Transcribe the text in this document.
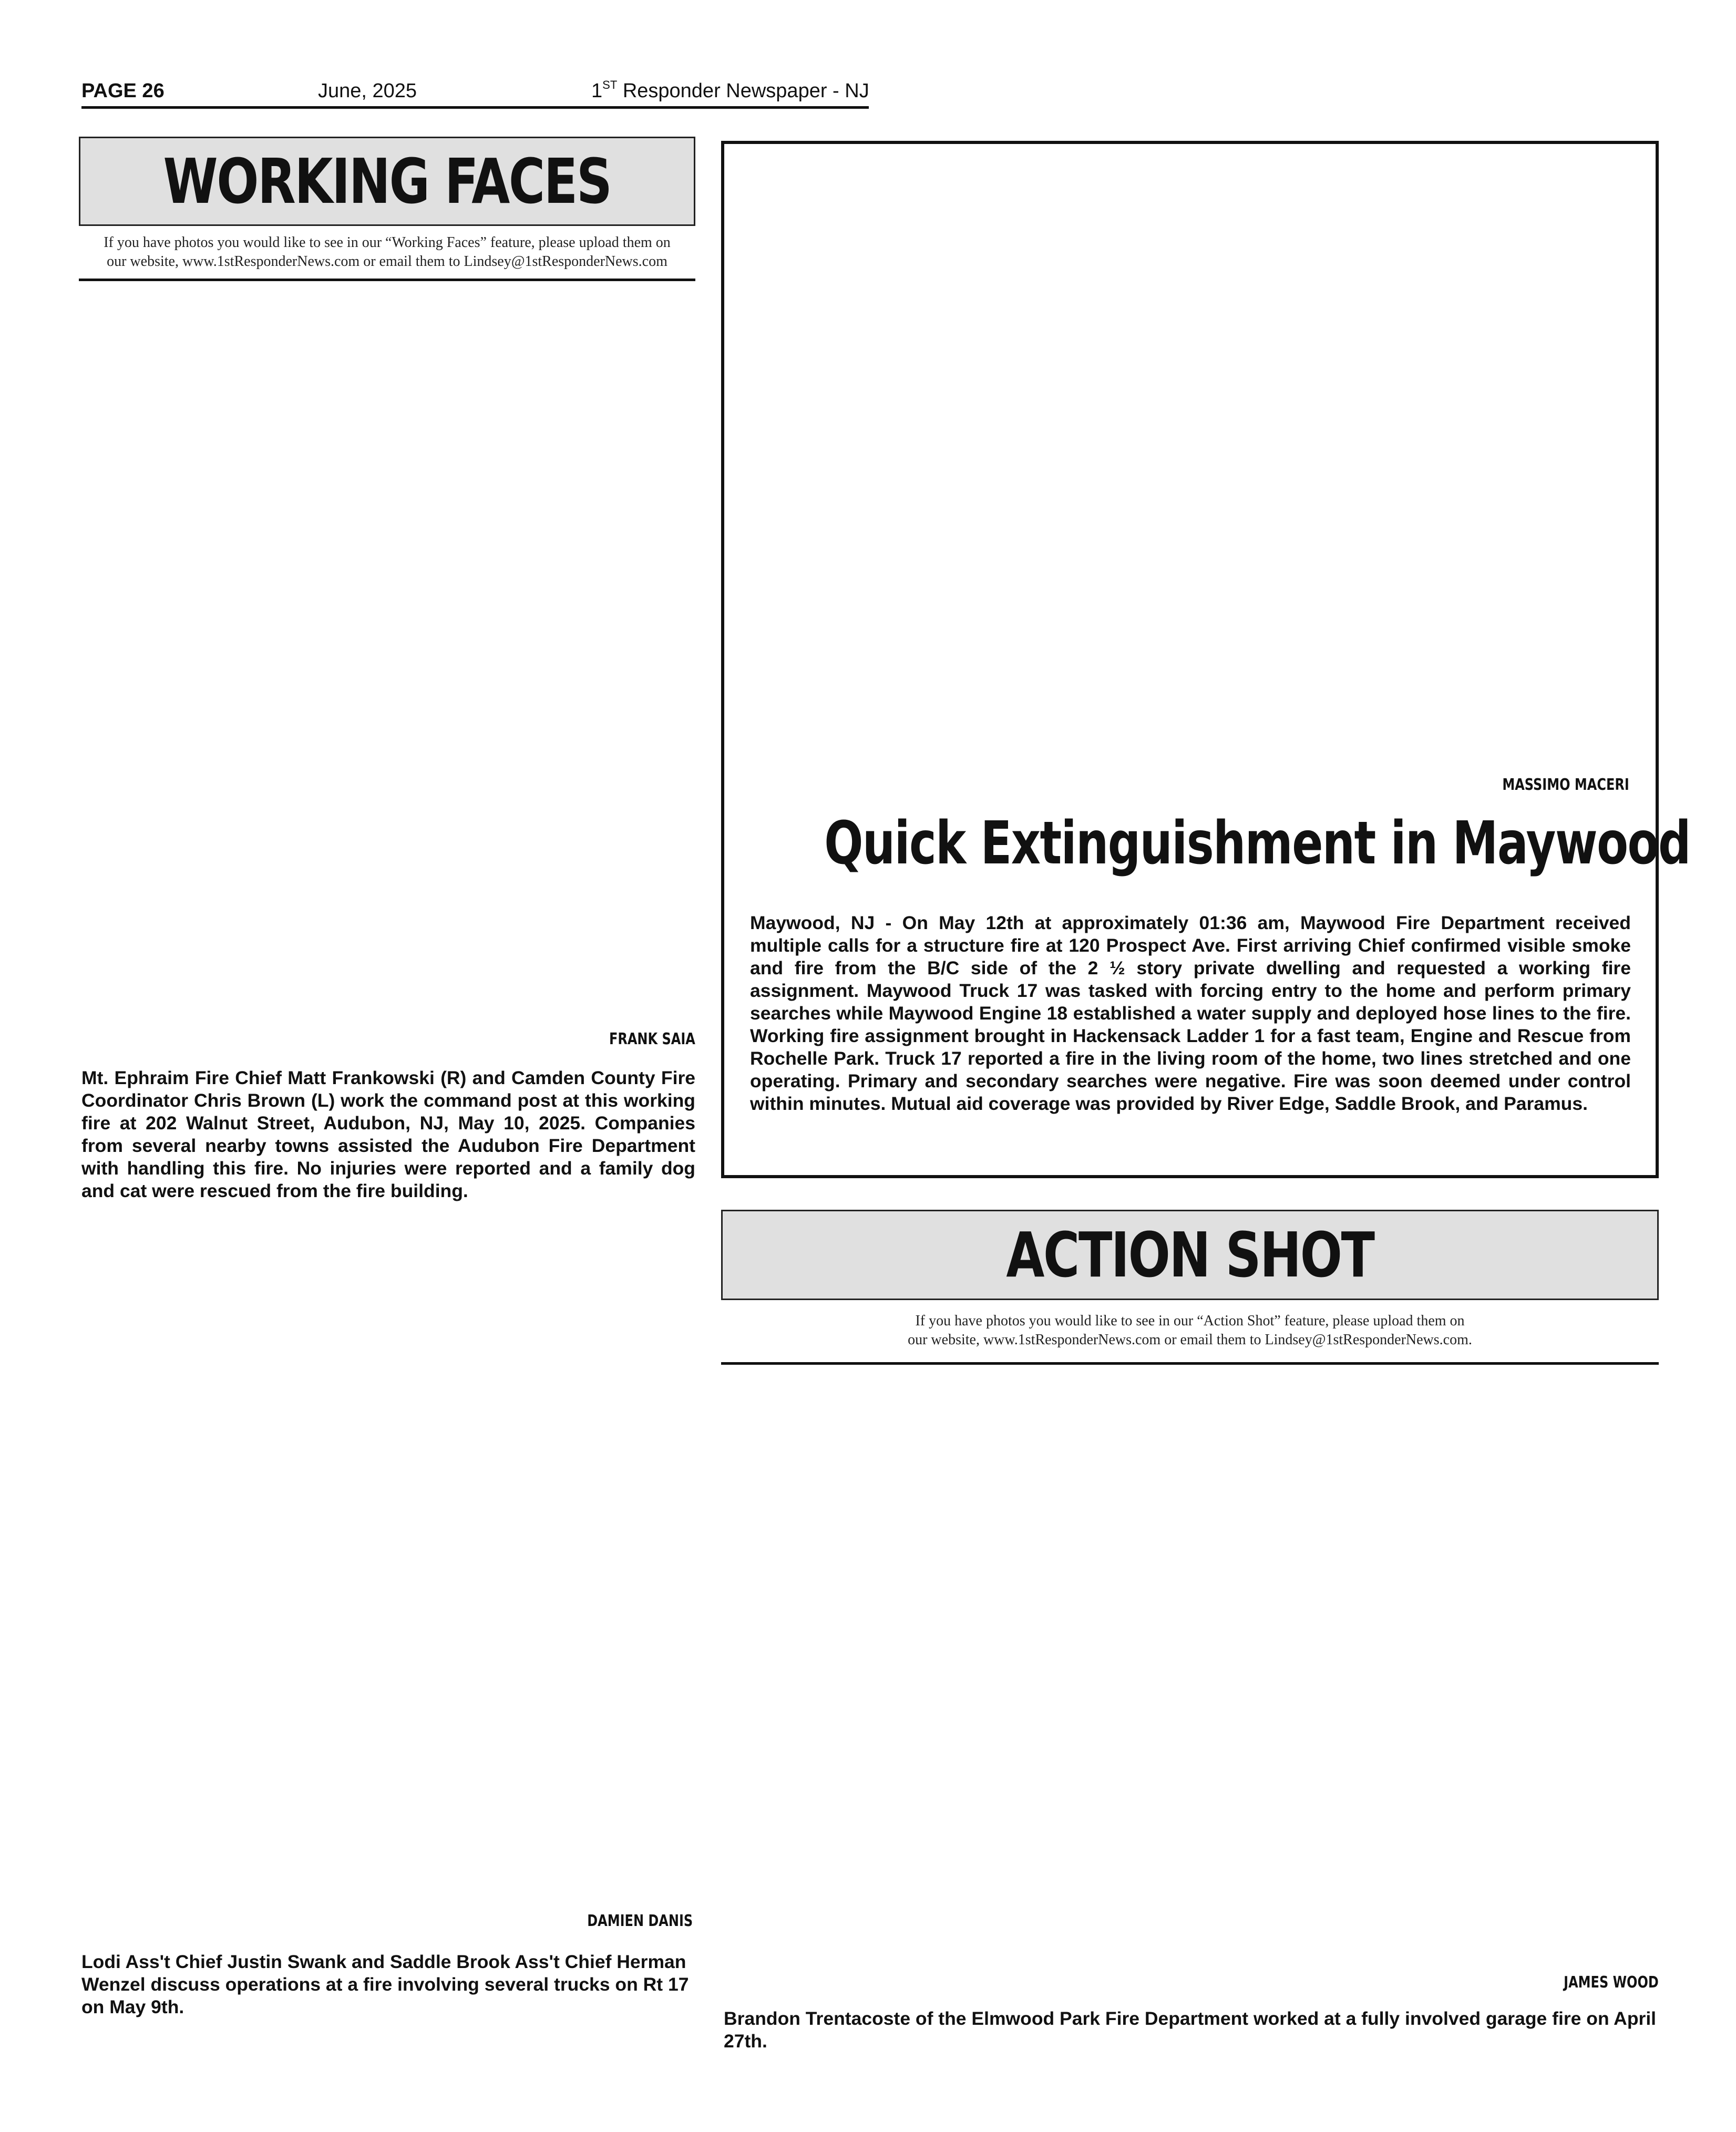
PAGE 26	June, 2025	1ST Responder Newspaper - NJ
WORKING FACES
If you have photos you would like to see in our “Working Faces” feature, please upload them on
our website, www.1stResponderNews.com or email them to Lindsey@1stResponderNews.com
FRANK SAIA
Mt. Ephraim Fire Chief Matt Frankowski (R) and Camden County Fire Coordinator Chris Brown (L) work the command post at this working fire at 202 Walnut Street, Audubon, NJ, May 10, 2025. Companies from several nearby towns assisted the Audubon Fire Department with handling this fire. No injuries were reported and a family dog and cat were rescued from the fire building.
DAMIEN DANIS
Lodi Ass't Chief Justin Swank and Saddle Brook Ass't Chief Herman Wenzel discuss operations at a fire involving several trucks on Rt 17 on May 9th.
MASSIMO MACERI
Quick Extinguishment in Maywood
Maywood, NJ - On May 12th at approximately 01:36 am, Maywood Fire Department received multiple calls for a structure fire at 120 Prospect Ave. First arriving Chief confirmed visible smoke and fire from the B/C side of the 2 ½ story private dwelling and requested a working fire assignment. Maywood Truck 17 was tasked with forcing entry to the home and perform primary searches while Maywood Engine 18 established a water supply and deployed hose lines to the fire. Working fire assignment brought in Hackensack Ladder 1 for a fast team, Engine and Rescue from Rochelle Park. Truck 17 reported a fire in the living room of the home, two lines stretched and one operating. Primary and secondary searches were negative. Fire was soon deemed under control within minutes. Mutual aid coverage was provided by River Edge, Saddle Brook, and Paramus.
ACTION SHOT
If you have photos you would like to see in our “Action Shot” feature, please upload them on
our website, www.1stResponderNews.com or email them to Lindsey@1stResponderNews.com.
JAMES WOOD
Brandon Trentacoste of the Elmwood Park Fire Department worked at a fully involved garage fire on April 27th.
